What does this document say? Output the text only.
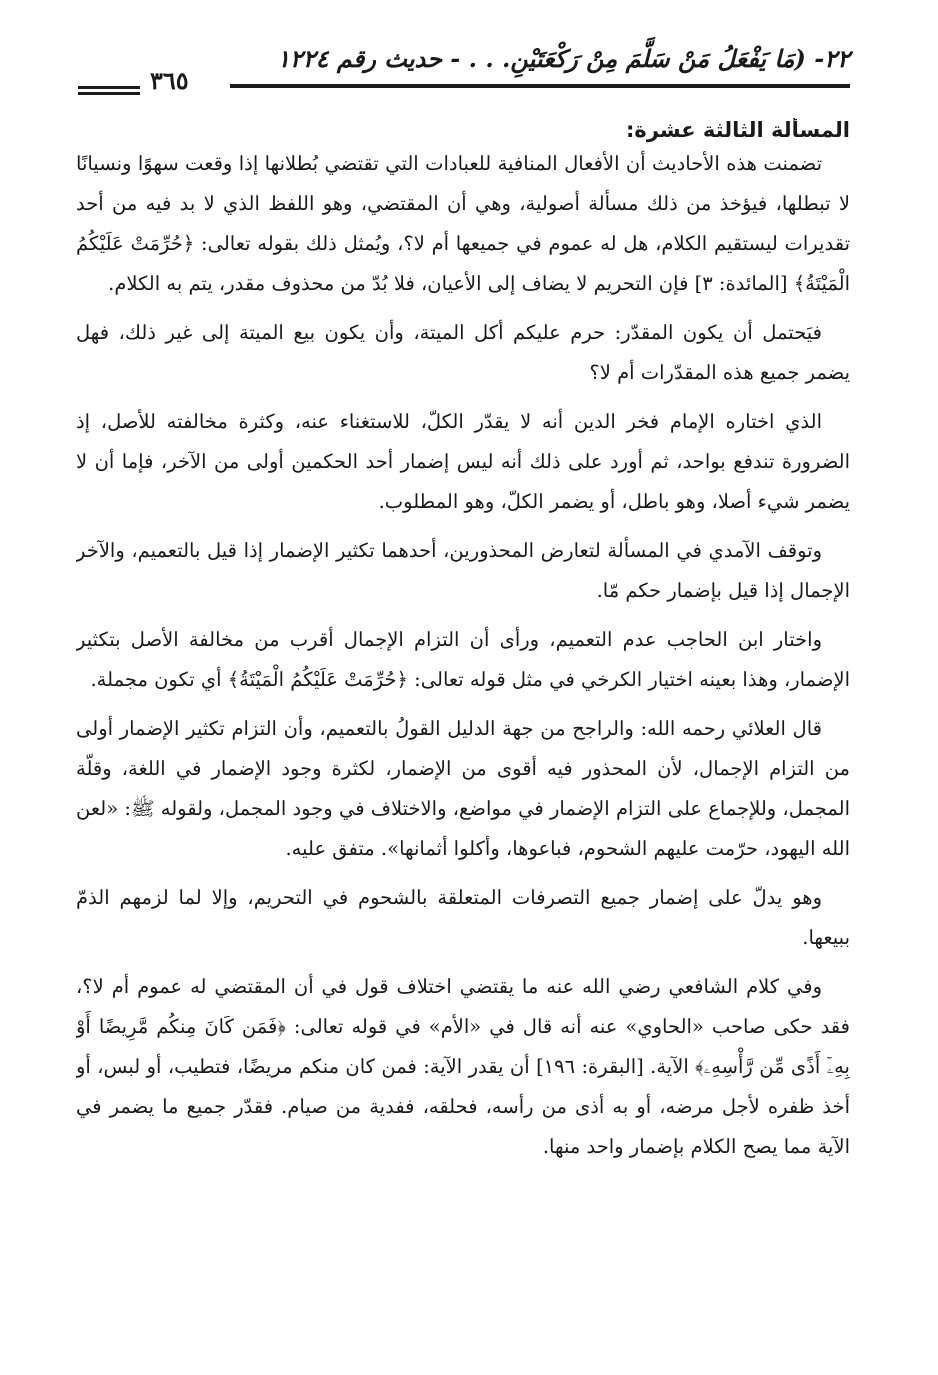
٢٢- (مَا يَفْعَلُ مَنْ سَلَّمَ مِنْ رَكْعَتَيْنِ. . . - حديث رقم ١٢٢٤
٣٦٥
المسألة الثالثة عشرة:

تضمنت هذه الأحاديث أن الأفعال المنافية للعبادات التي تقتضي بُطلانها إذا وقعت سهوًا ونسيانًا لا تبطلها، فيؤخذ من ذلك مسألة أصولية، وهي أن المقتضي، وهو اللفظ الذي لا بد فيه من أحد تقديرات ليستقيم الكلام، هل له عموم في جميعها أم لا؟، ويُمثل ذلك بقوله تعالى: ﴿حُرِّمَتْ عَلَيْكُمُ الْمَيْتَةُ﴾ [المائدة: ٣] فإن التحريم لا يضاف إلى الأعيان، فلا بُدّ من محذوف مقدر، يتم به الكلام.

فيَحتمل أن يكون المقدّر: حرم عليكم أكل الميتة، وأن يكون بيع الميتة إلى غير ذلك، فهل يضمر جميع هذه المقدّرات أم لا؟

الذي اختاره الإمام فخر الدين أنه لا يقدّر الكلّ، للاستغناء عنه، وكثرة مخالفته للأصل، إذ الضرورة تندفع بواحد، ثم أورد على ذلك أنه ليس إضمار أحد الحكمين أولى من الآخر، فإما أن لا يضمر شيء أصلا، وهو باطل، أو يضمر الكلّ، وهو المطلوب.

وتوقف الآمدي في المسألة لتعارض المحذورين، أحدهما تكثير الإضمار إذا قيل بالتعميم، والآخر الإجمال إذا قيل بإضمار حكم مّا.

واختار ابن الحاجب عدم التعميم، ورأى أن التزام الإجمال أقرب من مخالفة الأصل بتكثير الإضمار، وهذا بعينه اختيار الكرخي في مثل قوله تعالى: ﴿حُرِّمَتْ عَلَيْكُمُ الْمَيْتَةُ﴾ أي تكون مجملة.

قال العلائي رحمه الله: والراجح من جهة الدليل القولُ بالتعميم، وأن التزام تكثير الإضمار أولى من التزام الإجمال، لأن المحذور فيه أقوى من الإضمار، لكثرة وجود الإضمار في اللغة، وقلّة المجمل، وللإجماع على التزام الإضمار في مواضع، والاختلاف في وجود المجمل، ولقوله ﷺ: «لعن الله اليهود، حرّمت عليهم الشحوم، فباعوها، وأكلوا أثمانها». متفق عليه.

وهو يدلّ على إضمار جميع التصرفات المتعلقة بالشحوم في التحريم، وإلا لما لزمهم الذمّ ببيعها.

وفي كلام الشافعي رضي الله عنه ما يقتضي اختلاف قول في أن المقتضي له عموم أم لا؟، فقد حكى صاحب «الحاوي» عنه أنه قال في «الأم» في قوله تعالى: ﴿فَمَن كَانَ مِنكُم مَّرِيضًا أَوْ بِهِۦٓ أَذًى مِّن رَّأْسِهِۦ﴾ الآية. [البقرة: ١٩٦] أن يقدر الآية: فمن كان منكم مريضًا، فتطيب، أو لبس، أو أخذ ظفره لأجل مرضه، أو به أذى من رأسه، فحلقه، ففدية من صيام. فقدّر جميع ما يضمر في الآية مما يصح الكلام بإضمار واحد منها.
